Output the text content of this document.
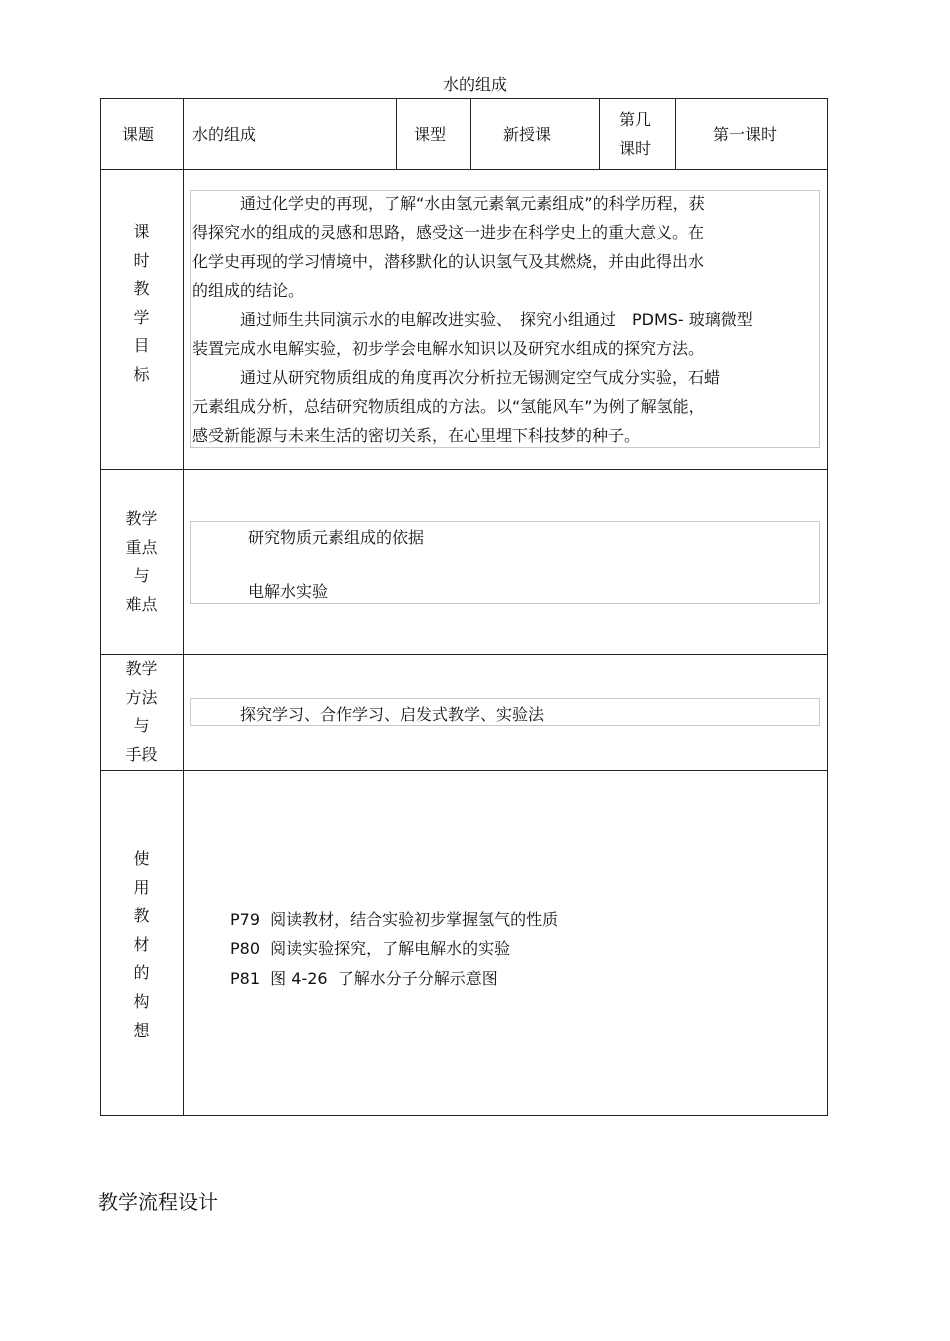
水的组成
课题 水的组成	课型	新授课
第几
课时
第一课时
课
时
教
学
目
标
通过化学史的再现，了解“水由氢元素氧元素组成”的科学历程，获
得探究水的组成的灵感和思路，感受这一进步在科学史上的重大意义。在
化学史再现的学习情境中，潜移默化的认识氢气及其燃烧，并由此得出水
的组成的结论。
通过师生共同演示水的电解改进实验、　探究小组通过　PDMS- 玻璃微型
装置完成水电解实验，初步学会电解水知识以及研究水组成的探究方法。
通过从研究物质组成的角度再次分析拉无锡测定空气成分实验，石蜡
元素组成分析，总结研究物质组成的方法。以“氢能风车”为例了解氢能，
感受新能源与未来生活的密切关系，在心里埋下科技梦的种子。
教学
重点
与
难点
研究物质元素组成的依据
电解水实验
教学
方法
与
手段
探究学习、合作学习、启发式教学、实验法
使
用
教
材
的
构
想
P79  阅读教材，结合实验初步掌握氢气的性质
P80  阅读实验探究，了解电解水的实验
P81  图 4-26  了解水分子分解示意图
教学流程设计
